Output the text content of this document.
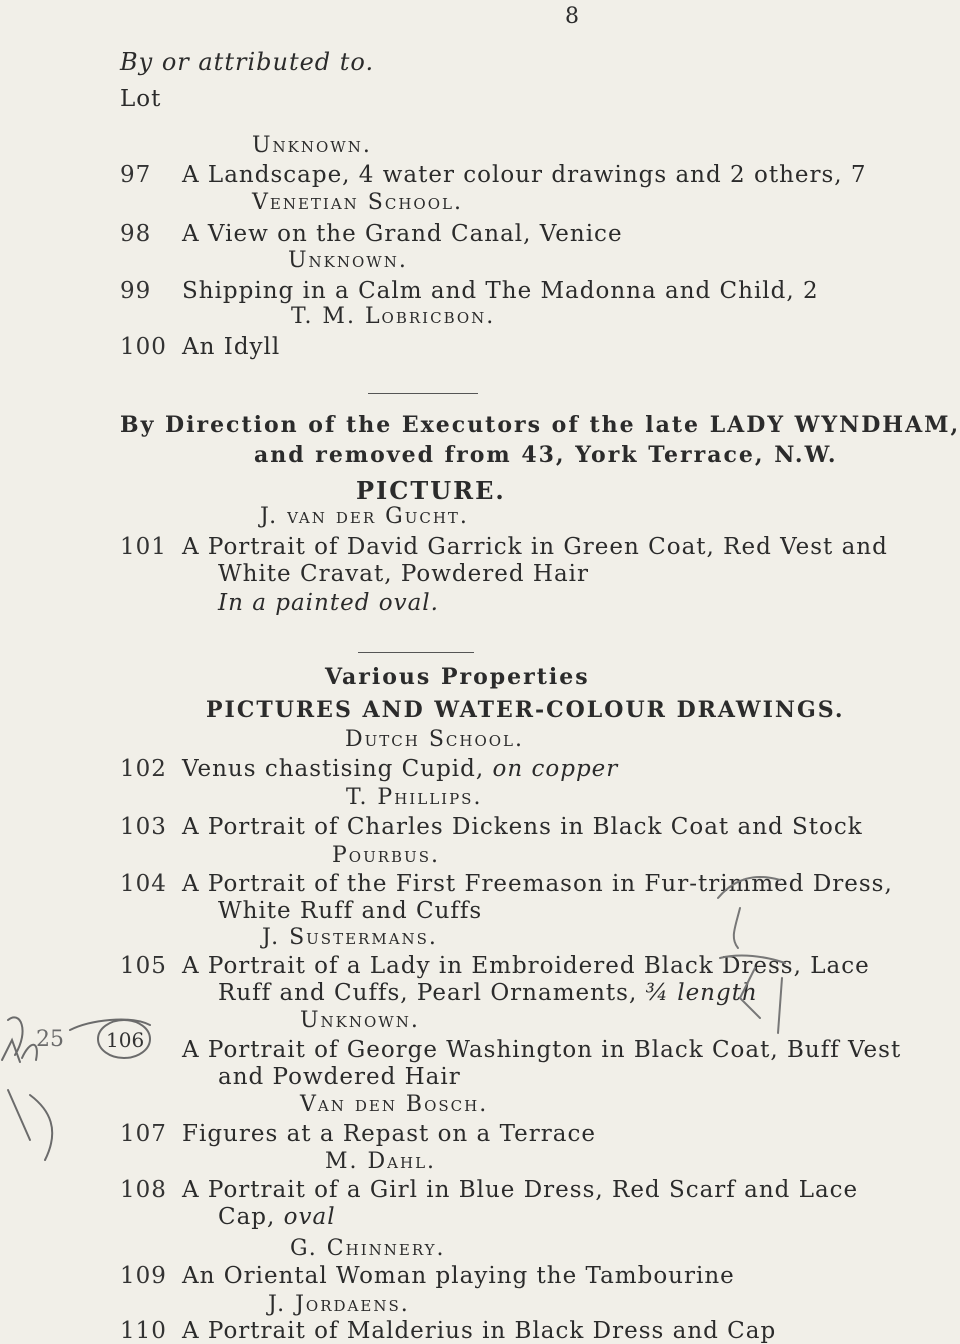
8
By or attributed to.
Lot
Unknown.
97 A Landscape, 4 water colour drawings and 2 others, 7
Venetian School.
98 A View on the Grand Canal, Venice
Unknown.
99 Shipping in a Calm and The Madonna and Child, 2
T. M. Lobricbon.
100 An Idyll
By Direction of the Executors of the late LADY WYNDHAM,
and removed from 43, York Terrace, N.W.
PICTURE.
J. van der Gucht.
101 A Portrait of David Garrick in Green Coat, Red Vest and
White Cravat, Powdered Hair
In a painted oval.
Various Properties
PICTURES AND WATER-COLOUR DRAWINGS.
Dutch School.
102 Venus chastising Cupid, on copper
T. Phillips.
103 A Portrait of Charles Dickens in Black Coat and Stock
Pourbus.
104 A Portrait of the First Freemason in Fur-trimmed Dress,
White Ruff and Cuffs
J. Sustermans.
105 A Portrait of a Lady in Embroidered Black Dress, Lace
Ruff and Cuffs, Pearl Ornaments, ¾ length
Unknown.
A Portrait of George Washington in Black Coat, Buff Vest
and Powdered Hair
Van den Bosch.
107 Figures at a Repast on a Terrace
M. Dahl.
108 A Portrait of a Girl in Blue Dress, Red Scarf and Lace
Cap, oval
G. Chinnery.
109 An Oriental Woman playing the Tambourine
J. Jordaens.
110 A Portrait of Malderius in Black Dress and Cap
25 106
